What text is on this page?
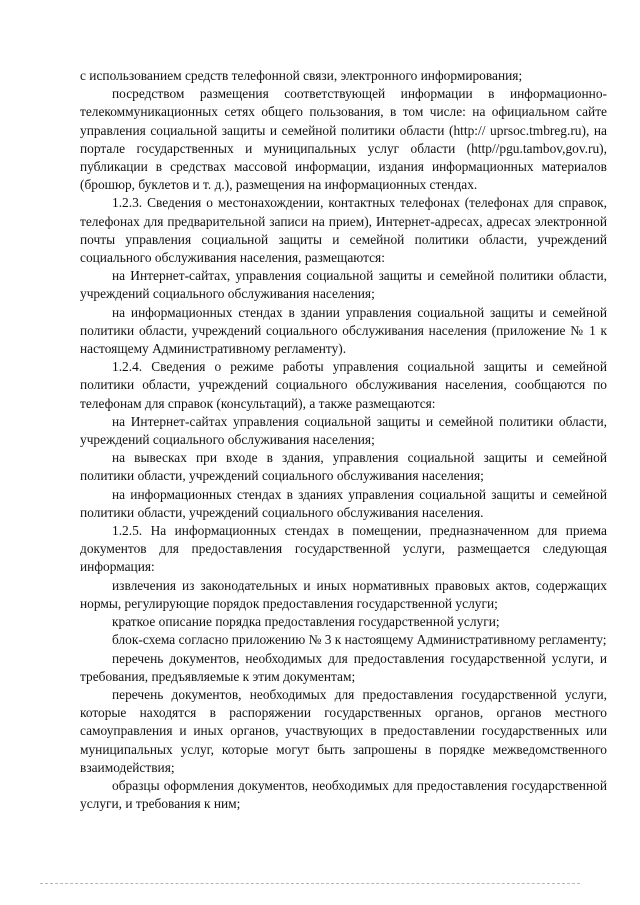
с использованием средств телефонной связи, электронного информирования;

посредством размещения соответствующей информации в информационно-телекоммуникационных сетях общего пользования, в том числе: на официальном сайте управления социальной защиты и семейной политики области (http:// uprsoc.tmbreg.ru), на портале государственных и муниципальных услуг области (http//pgu.tambov,gov.ru), публикации в средствах массовой информации, издания информационных материалов (брошюр, буклетов и т. д.), размещения на информационных стендах.

1.2.3. Сведения о местонахождении, контактных телефонах (телефонах для справок, телефонах для предварительной записи на прием), Интернет-адресах, адресах электронной почты управления социальной защиты и семейной политики области, учреждений социального обслуживания населения, размещаются:

на Интернет-сайтах, управления социальной защиты и семейной политики области, учреждений социального обслуживания населения;

на информационных стендах в здании управления социальной защиты и семейной политики области, учреждений социального обслуживания населения (приложение № 1 к настоящему Административному регламенту).

1.2.4. Сведения о режиме работы управления социальной защиты и семейной политики области, учреждений социального обслуживания населения, сообщаются по телефонам для справок (консультаций), а также размещаются:

на Интернет-сайтах управления социальной защиты и семейной политики области, учреждений социального обслуживания населения;

на вывесках при входе в здания, управления социальной защиты и семейной политики области, учреждений социального обслуживания населения;

на информационных стендах в зданиях управления социальной защиты и семейной политики области, учреждений социального обслуживания населения.

1.2.5. На информационных стендах в помещении, предназначенном для приема документов для предоставления государственной услуги, размещается следующая информация:

извлечения из законодательных и иных нормативных правовых актов, содержащих нормы, регулирующие порядок предоставления государственной услуги;

краткое описание порядка предоставления государственной услуги;

блок-схема согласно приложению № 3 к настоящему Административному регламенту;

перечень документов, необходимых для предоставления государственной услуги, и требования, предъявляемые к этим документам;

перечень документов, необходимых для предоставления государственной услуги, которые находятся в распоряжении государственных органов, органов местного самоуправления и иных органов, участвующих в предоставлении государственных или муниципальных услуг, которые могут быть запрошены в порядке межведомственного взаимодействия;

образцы оформления документов, необходимых для предоставления государственной услуги, и требования к ним;
